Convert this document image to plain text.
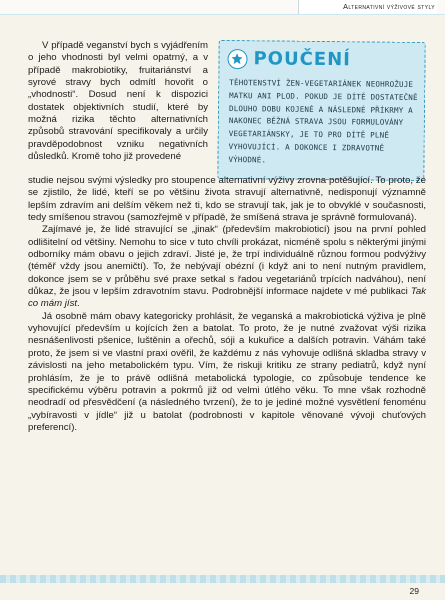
Alternativní výživové styly

V případě veganství bych s vyjádřením o jeho vhodnosti byl velmi opatrný, a v případě makrobiotiky, fruitariánství a syrové stravy bych odmítl hovořit o „vhodnosti“. Dosud není k dispozici dostatek objektivních studií, které by možná rizika těchto alternativních způsobů stravování specifikovaly a určily pravděpodobnost vzniku negativních důsledků. Kromě toho již provedené

POUČENÍ
TĚHOTENSTVÍ ŽEN-VEGETARIÁNEK NEOHROŽUJE MATKU ANI PLOD. POKUD JE DÍTĚ DOSTATEČNĚ DLOUHO DOBU KOJENÉ A NÁSLEDNÉ PŘÍKRMY A NAKONEC BĚŽNÁ STRAVA JSOU FORMULOVÁNY VEGETARIÁNSKY, JE TO PRO DÍTĚ PLNĚ VYHOVUJÍCÍ. A DOKONCE I ZDRAVOTNĚ VÝHODNÉ.

studie nejsou svými výsledky pro stoupence alternativní výživy zrovna potěšující. To proto, že se zjistilo, že lidé, kteří se po většinu života stravují alternativně, nedisponují významně lepším zdravím ani delším věkem než ti, kdo se stravují tak, jak je to obvyklé v současnosti, tedy smíšenou stravou (samozřejmě v případě, že smíšená strava je správně formulovaná).

Zajímavé je, že lidé stravující se „jinak“ (především makrobioticí) jsou na první pohled odlišitelní od většiny. Nemohu to sice v tuto chvíli prokázat, nicméně spolu s některými jinými odborníky mám obavu o jejich zdraví. Jisté je, že trpí individuálně různou formou podvýživy (téměř vždy jsou anemičtí). To, že nebývají obézní (i když ani to není nutným pravidlem, dokonce jsem se v průběhu své praxe setkal s řadou vegetariánů trpících nadváhou), není důkaz, že jsou v lepším zdravotním stavu. Podrobnější informace najdete v mé publikaci Tak co mám jíst.

Já osobně mám obavy kategoricky prohlásit, že veganská a makrobiotická výživa je plně vyhovující především u kojících žen a batolat. To proto, že je nutné zvažovat výši rizika nesnášenlivosti pšenice, luštěnin a ořechů, sóji a kukuřice a dalších potravin. Váhám také proto, že jsem si ve vlastní praxi ověřil, že každému z nás vyhovuje odlišná skladba stravy v závislosti na jeho metabolickém typu. Vím, že riskuji kritiku ze strany pediatrů, když nyní prohlásím, že je to právě odlišná metabolická typologie, co způsobuje tendence ke specifickému výběru potravin a pokrmů již od velmi útlého věku. To mne však rozhodně neodradí od přesvědčení (a následného tvrzení), že to je jediné možné vysvětlení fenoménu „vybíravosti v jídle“ již u batolat (podrobnosti v kapitole věnované vývoji chuťových preferencí).

29
